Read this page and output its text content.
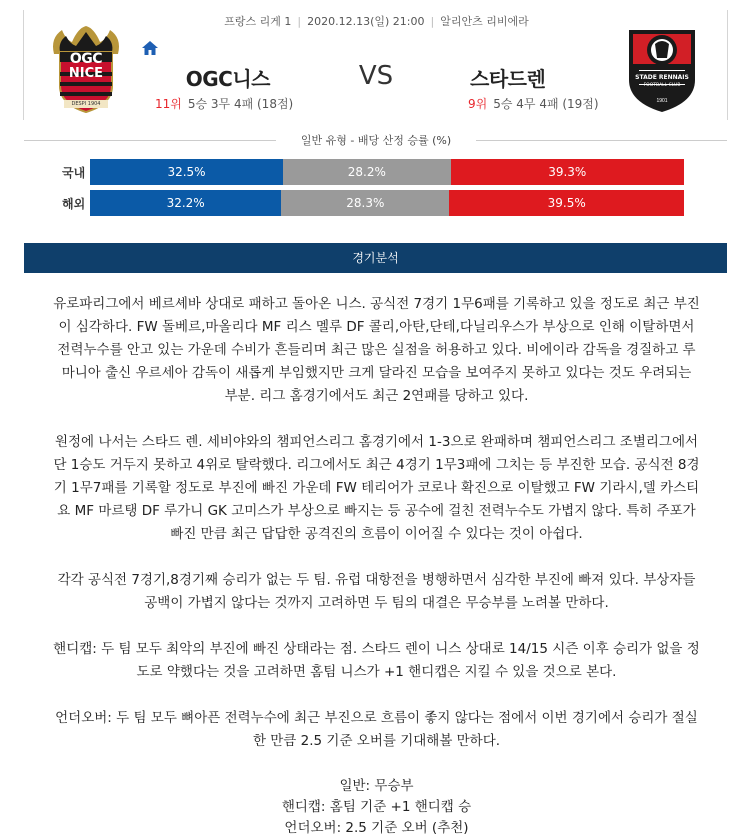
프랑스 리게 1 | 2020.12.13(일) 21:00 | 알리안츠 리비에라
OGC
NICE
DESPI 1904
OGC니스	VS	스타드렌
11위 5승 3무 4패 (18점)	9위 5승 4무 4패 (19점)	1901
STADE RENNAIS
FOOTBALL CLUB
일반 유형 - 배당 산정 승률 (%)
국내	32.5%	28.2%	39.3%
해외	32.2%	28.3%	39.5%
경기분석
유로파리그에서 베르셰바 상대로 패하고 돌아온 니스. 공식전 7경기 1무6패를 기록하고 있을 정도로 최근 부진
이 심각하다. FW 돌베르,마올리다 MF 리스 멜루 DF 콜리,아탄,단테,다닐리우스가 부상으로 인해 이탈하면서
전력누수를 안고 있는 가운데 수비가 흔들리며 최근 많은 실점을 허용하고 있다. 비에이라 감독을 경질하고 루
마니아 출신 우르세아 감독이 새롭게 부임했지만 크게 달라진 모습을 보여주지 못하고 있다는 것도 우려되는
부분. 리그 홈경기에서도 최근 2연패를 당하고 있다.
원정에 나서는 스타드 렌. 세비야와의 챔피언스리그 홈경기에서 1-3으로 완패하며 챔피언스리그 조별리그에서
단 1승도 거두지 못하고 4위로 탈락했다. 리그에서도 최근 4경기 1무3패에 그치는 등 부진한 모습. 공식전 8경
기 1무7패를 기록할 정도로 부진에 빠진 가운데 FW 테리어가 코로나 확진으로 이탈했고 FW 기라시,델 카스티
요 MF 마르탱 DF 루가니 GK 고미스가 부상으로 빠지는 등 공수에 걸친 전력누수도 가볍지 않다. 특히 주포가
빠진 만큼 최근 답답한 공격진의 흐름이 이어질 수 있다는 것이 아쉽다.
각각 공식전 7경기,8경기째 승리가 없는 두 팀. 유럽 대항전을 병행하면서 심각한 부진에 빠져 있다. 부상자들
공백이 가볍지 않다는 것까지 고려하면 두 팀의 대결은 무승부를 노려볼 만하다.
핸디캡: 두 팀 모두 최악의 부진에 빠진 상태라는 점. 스타드 렌이 니스 상대로 14/15 시즌 이후 승리가 없을 정
도로 약했다는 것을 고려하면 홈팀 니스가 +1 핸디캡은 지킬 수 있을 것으로 본다.
언더오버: 두 팀 모두 뼈아픈 전력누수에 최근 부진으로 흐름이 좋지 않다는 점에서 이번 경기에서 승리가 절실
한 만큼 2.5 기준 오버를 기대해볼 만하다.
일반: 무승부
핸디캡: 홈팀 기준 +1 핸디캡 승
언더오버: 2.5 기준 오버 (추천)
